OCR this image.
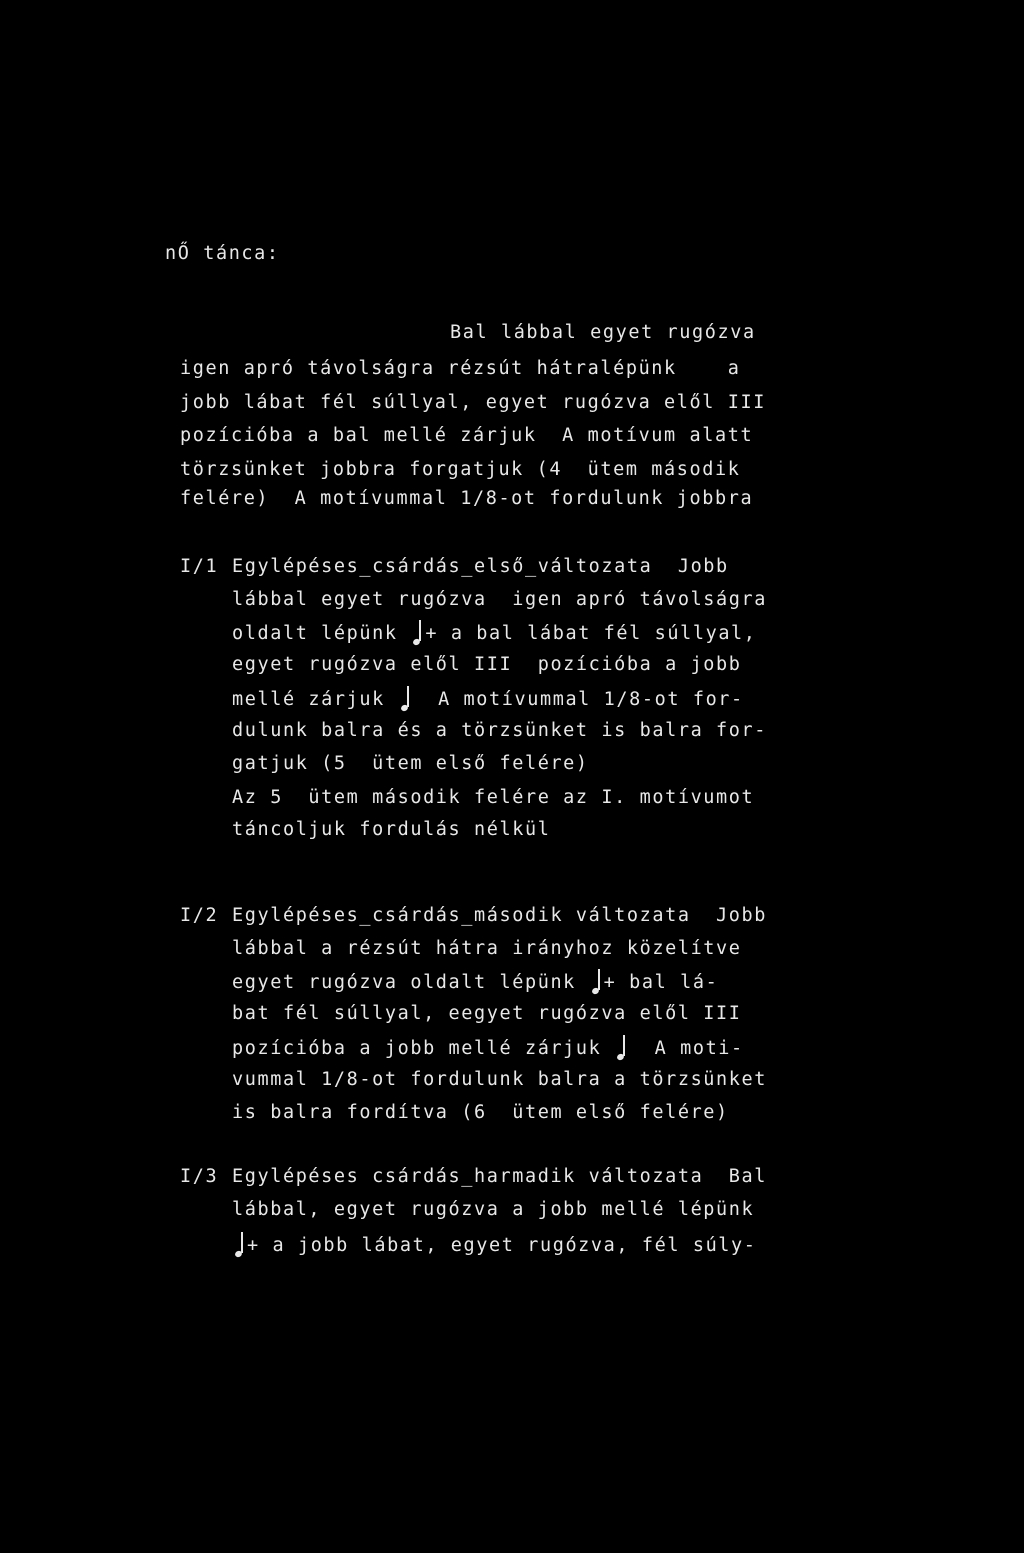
nŐ tánca:
Bal lábbal egyet rugózva
igen apró távolságra rézsút hátralépünk    a
jobb lábat fél súllyal, egyet rugózva elől III
pozícióba a bal mellé zárjuk  A motívum alatt
törzsünket jobbra forgatjuk (4  ütem második
felére)  A motívummal 1/8-ot fordulunk jobbra
I/1 Egylépéses_csárdás_első_változata  Jobb
lábbal egyet rugózva  igen apró távolságra
oldalt lépünk + a bal lábat fél súllyal,
egyet rugózva elől III  pozícióba a jobb
mellé zárjuk   A motívummal 1/8-ot for-
dulunk balra és a törzsünket is balra for-
gatjuk (5  ütem első felére)
Az 5  ütem második felére az I. motívumot
táncoljuk fordulás nélkül
I/2 Egylépéses_csárdás_második változata  Jobb
lábbal a rézsút hátra irányhoz közelítve
egyet rugózva oldalt lépünk + bal lá-
bat fél súllyal, eegyet rugózva elől III
pozícióba a jobb mellé zárjuk   A moti-
vummal 1/8-ot fordulunk balra a törzsünket
is balra fordítva (6  ütem első felére)
I/3 Egylépéses csárdás_harmadik változata  Bal
lábbal, egyet rugózva a jobb mellé lépünk
+ a jobb lábat, egyet rugózva, fél súly-
